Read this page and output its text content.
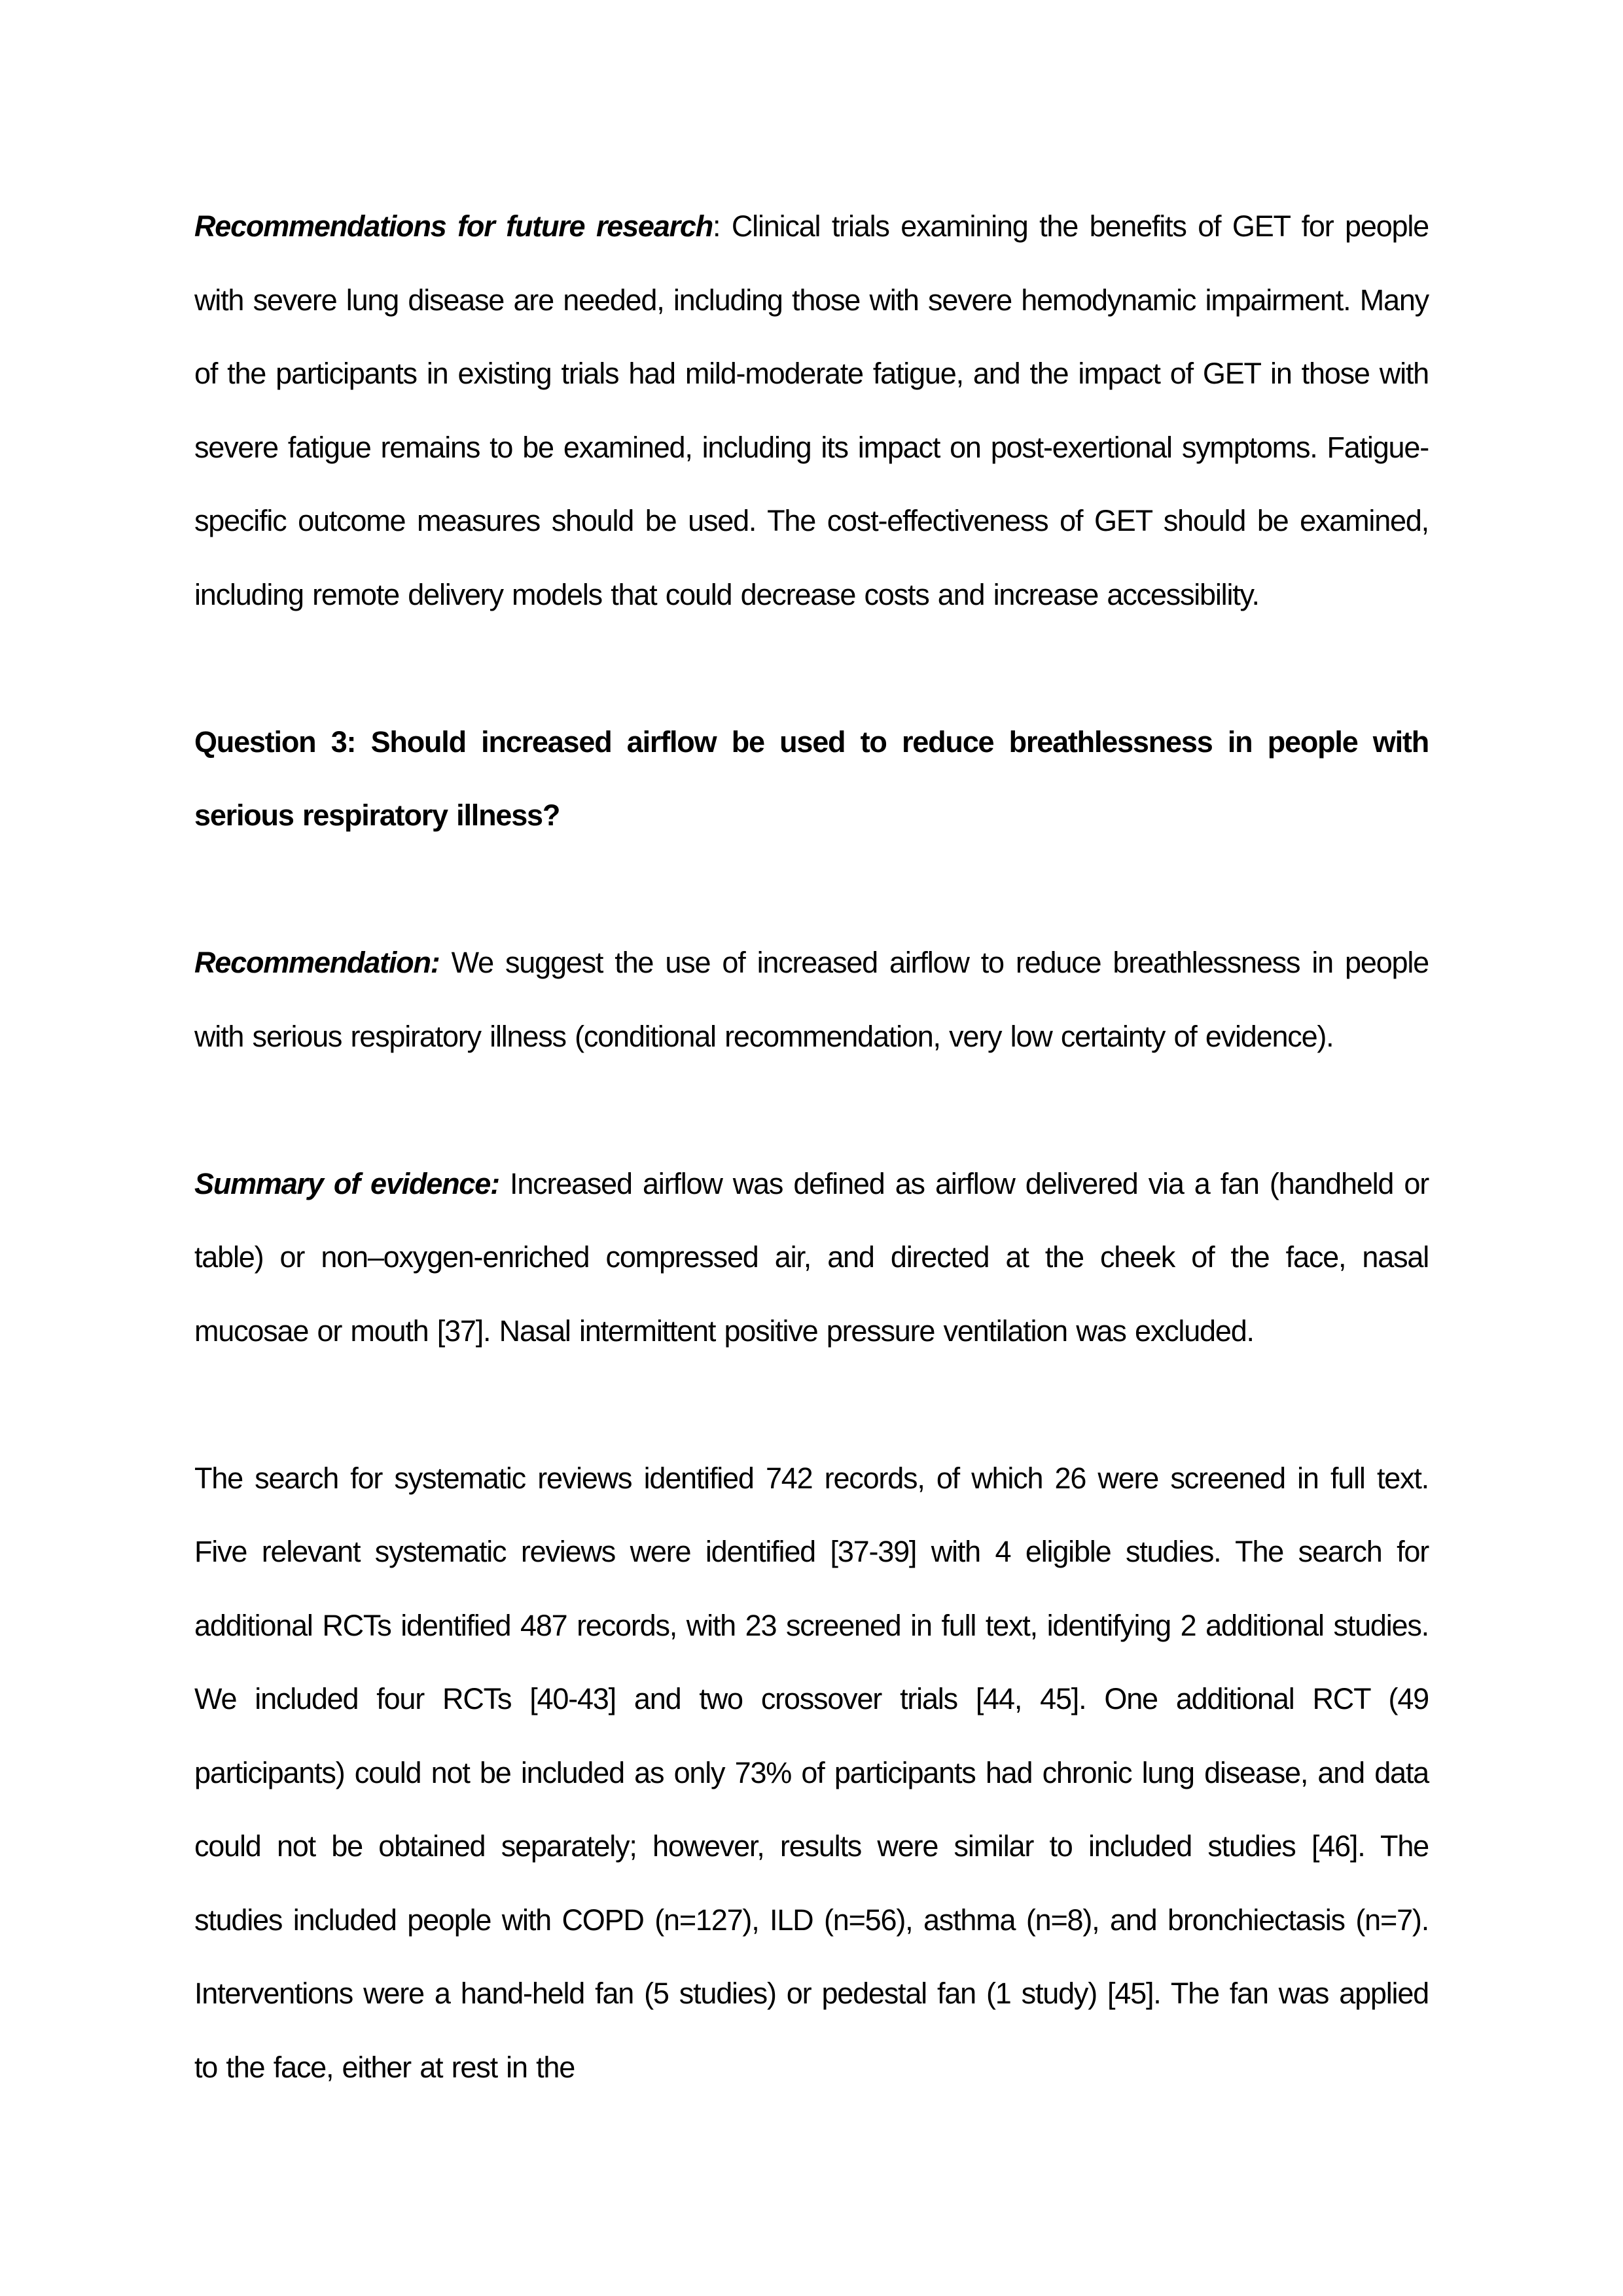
Recommendations for future research: Clinical trials examining the benefits of GET for people with severe lung disease are needed, including those with severe hemodynamic impairment. Many of the participants in existing trials had mild-moderate fatigue, and the impact of GET in those with severe fatigue remains to be examined, including its impact on post-exertional symptoms. Fatigue-specific outcome measures should be used. The cost-effectiveness of GET should be examined, including remote delivery models that could decrease costs and increase accessibility.

Question 3: Should increased airflow be used to reduce breathlessness in people with serious respiratory illness?

Recommendation: We suggest the use of increased airflow to reduce breathlessness in people with serious respiratory illness (conditional recommendation, very low certainty of evidence).

Summary of evidence: Increased airflow was defined as airflow delivered via a fan (handheld or table) or non–oxygen-enriched compressed air, and directed at the cheek of the face, nasal mucosae or mouth [37]. Nasal intermittent positive pressure ventilation was excluded.

The search for systematic reviews identified 742 records, of which 26 were screened in full text. Five relevant systematic reviews were identified [37-39] with 4 eligible studies. The search for additional RCTs identified 487 records, with 23 screened in full text, identifying 2 additional studies. We included four RCTs [40-43] and two crossover trials [44, 45]. One additional RCT (49 participants) could not be included as only 73% of participants had chronic lung disease, and data could not be obtained separately; however, results were similar to included studies [46]. The studies included people with COPD (n=127), ILD (n=56), asthma (n=8), and bronchiectasis (n=7). Interventions were a hand-held fan (5 studies) or pedestal fan (1 study) [45]. The fan was applied to the face, either at rest in the
